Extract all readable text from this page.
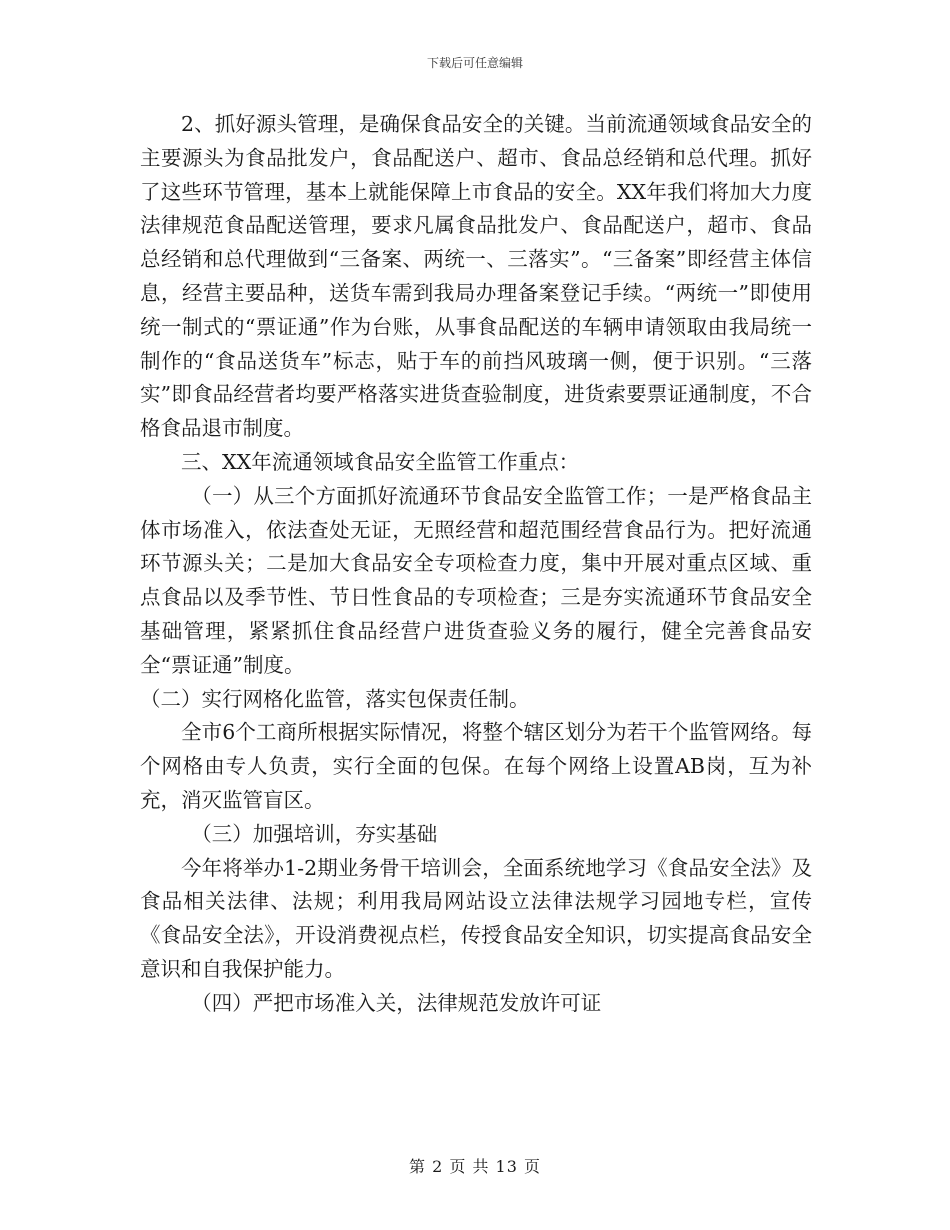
下载后可任意编辑

2、抓好源头管理，是确保食品安全的关键。当前流通领域食品安全的主要源头为食品批发户，食品配送户、超市、食品总经销和总代理。抓好了这些环节管理，基本上就能保障上市食品的安全。XX年我们将加大力度法律规范食品配送管理，要求凡属食品批发户、食品配送户，超市、食品总经销和总代理做到“三备案、两统一、三落实”。“三备案”即经营主体信息，经营主要品种，送货车需到我局办理备案登记手续。“两统一”即使用统一制式的“票证通”作为台账，从事食品配送的车辆申请领取由我局统一制作的“食品送货车”标志，贴于车的前挡风玻璃一侧，便于识别。“三落实”即食品经营者均要严格落实进货查验制度，进货索要票证通制度，不合格食品退市制度。

三、XX年流通领域食品安全监管工作重点：

（一）从三个方面抓好流通环节食品安全监管工作；一是严格食品主体市场准入，依法查处无证，无照经营和超范围经营食品行为。把好流通环节源头关；二是加大食品安全专项检查力度，集中开展对重点区域、重点食品以及季节性、节日性食品的专项检查；三是夯实流通环节食品安全基础管理，紧紧抓住食品经营户进货查验义务的履行，健全完善食品安全“票证通”制度。

（二）实行网格化监管，落实包保责任制。

全市6个工商所根据实际情况，将整个辖区划分为若干个监管网络。每个网格由专人负责，实行全面的包保。在每个网络上设置AB岗，互为补充，消灭监管盲区。

（三）加强培训，夯实基础

今年将举办1-2期业务骨干培训会，全面系统地学习《食品安全法》及食品相关法律、法规；利用我局网站设立法律法规学习园地专栏，宣传《食品安全法》，开设消费视点栏，传授食品安全知识，切实提高食品安全意识和自我保护能力。

（四）严把市场准入关，法律规范发放许可证

第 2 页 共 13 页
